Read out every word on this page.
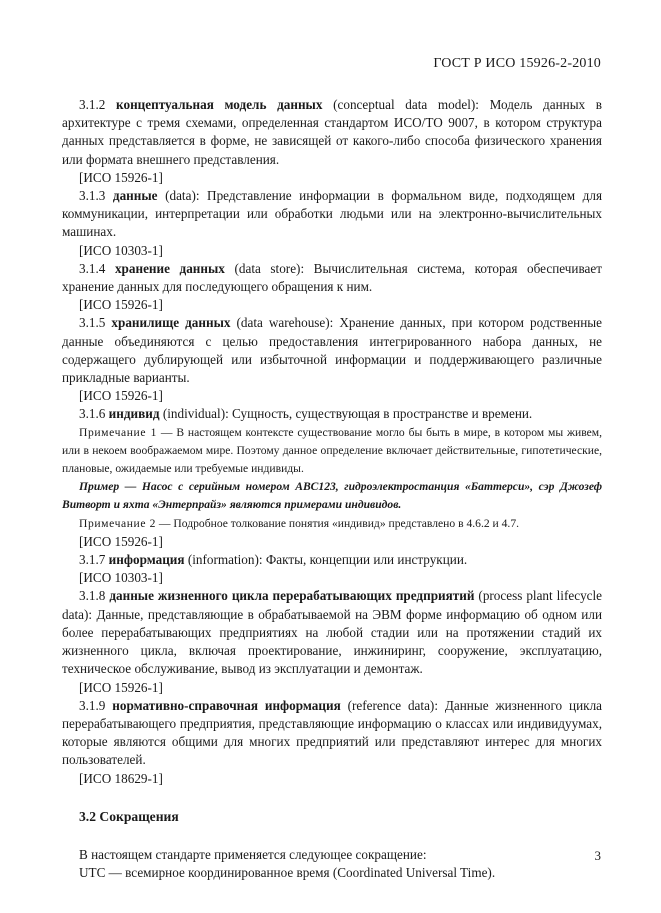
ГОСТ Р ИСО 15926-2-2010

3.1.2 концептуальная модель данных (conceptual data model): Модель данных в архитектуре с тремя схемами, определенная стандартом ИСО/ТО 9007, в котором структура данных представляется в форме, не зависящей от какого-либо способа физического хранения или формата внешнего представления.

[ИСО 15926-1]

3.1.3 данные (data): Представление информации в формальном виде, подходящем для коммуникации, интерпретации или обработки людьми или на электронно-вычислительных машинах.

[ИСО 10303-1]

3.1.4 хранение данных (data store): Вычислительная система, которая обеспечивает хранение данных для последующего обращения к ним.

[ИСО 15926-1]

3.1.5 хранилище данных (data warehouse): Хранение данных, при котором родственные данные объединяются с целью предоставления интегрированного набора данных, не содержащего дублирующей или избыточной информации и поддерживающего различные прикладные варианты.

[ИСО 15926-1]

3.1.6 индивид (individual): Сущность, существующая в пространстве и времени.

Примечание 1 — В настоящем контексте существование могло бы быть в мире, в котором мы живем, или в некоем воображаемом мире. Поэтому данное определение включает действительные, гипотетические, плановые, ожидаемые или требуемые индивиды.

Пример — Насос с серийным номером ABC123, гидроэлектростанция «Баттерси», сэр Джозеф Витворт и яхта «Энтерпрайз» являются примерами индивидов.

Примечание 2 — Подробное толкование понятия «индивид» представлено в 4.6.2 и 4.7.

[ИСО 15926-1]

3.1.7 информация (information): Факты, концепции или инструкции.

[ИСО 10303-1]

3.1.8 данные жизненного цикла перерабатывающих предприятий (process plant lifecycle data): Данные, представляющие в обрабатываемой на ЭВМ форме информацию об одном или более перерабатывающих предприятиях на любой стадии или на протяжении стадий их жизненного цикла, включая проектирование, инжиниринг, сооружение, эксплуатацию, техническое обслуживание, вывод из эксплуатации и демонтаж.

[ИСО 15926-1]

3.1.9 нормативно-справочная информация (reference data): Данные жизненного цикла перерабатывающего предприятия, представляющие информацию о классах или индивидуумах, которые являются общими для многих предприятий или представляют интерес для многих пользователей.

[ИСО 18629-1]

3.2 Сокращения

В настоящем стандарте применяется следующее сокращение:

UTC — всемирное координированное время (Coordinated Universal Time).

3
